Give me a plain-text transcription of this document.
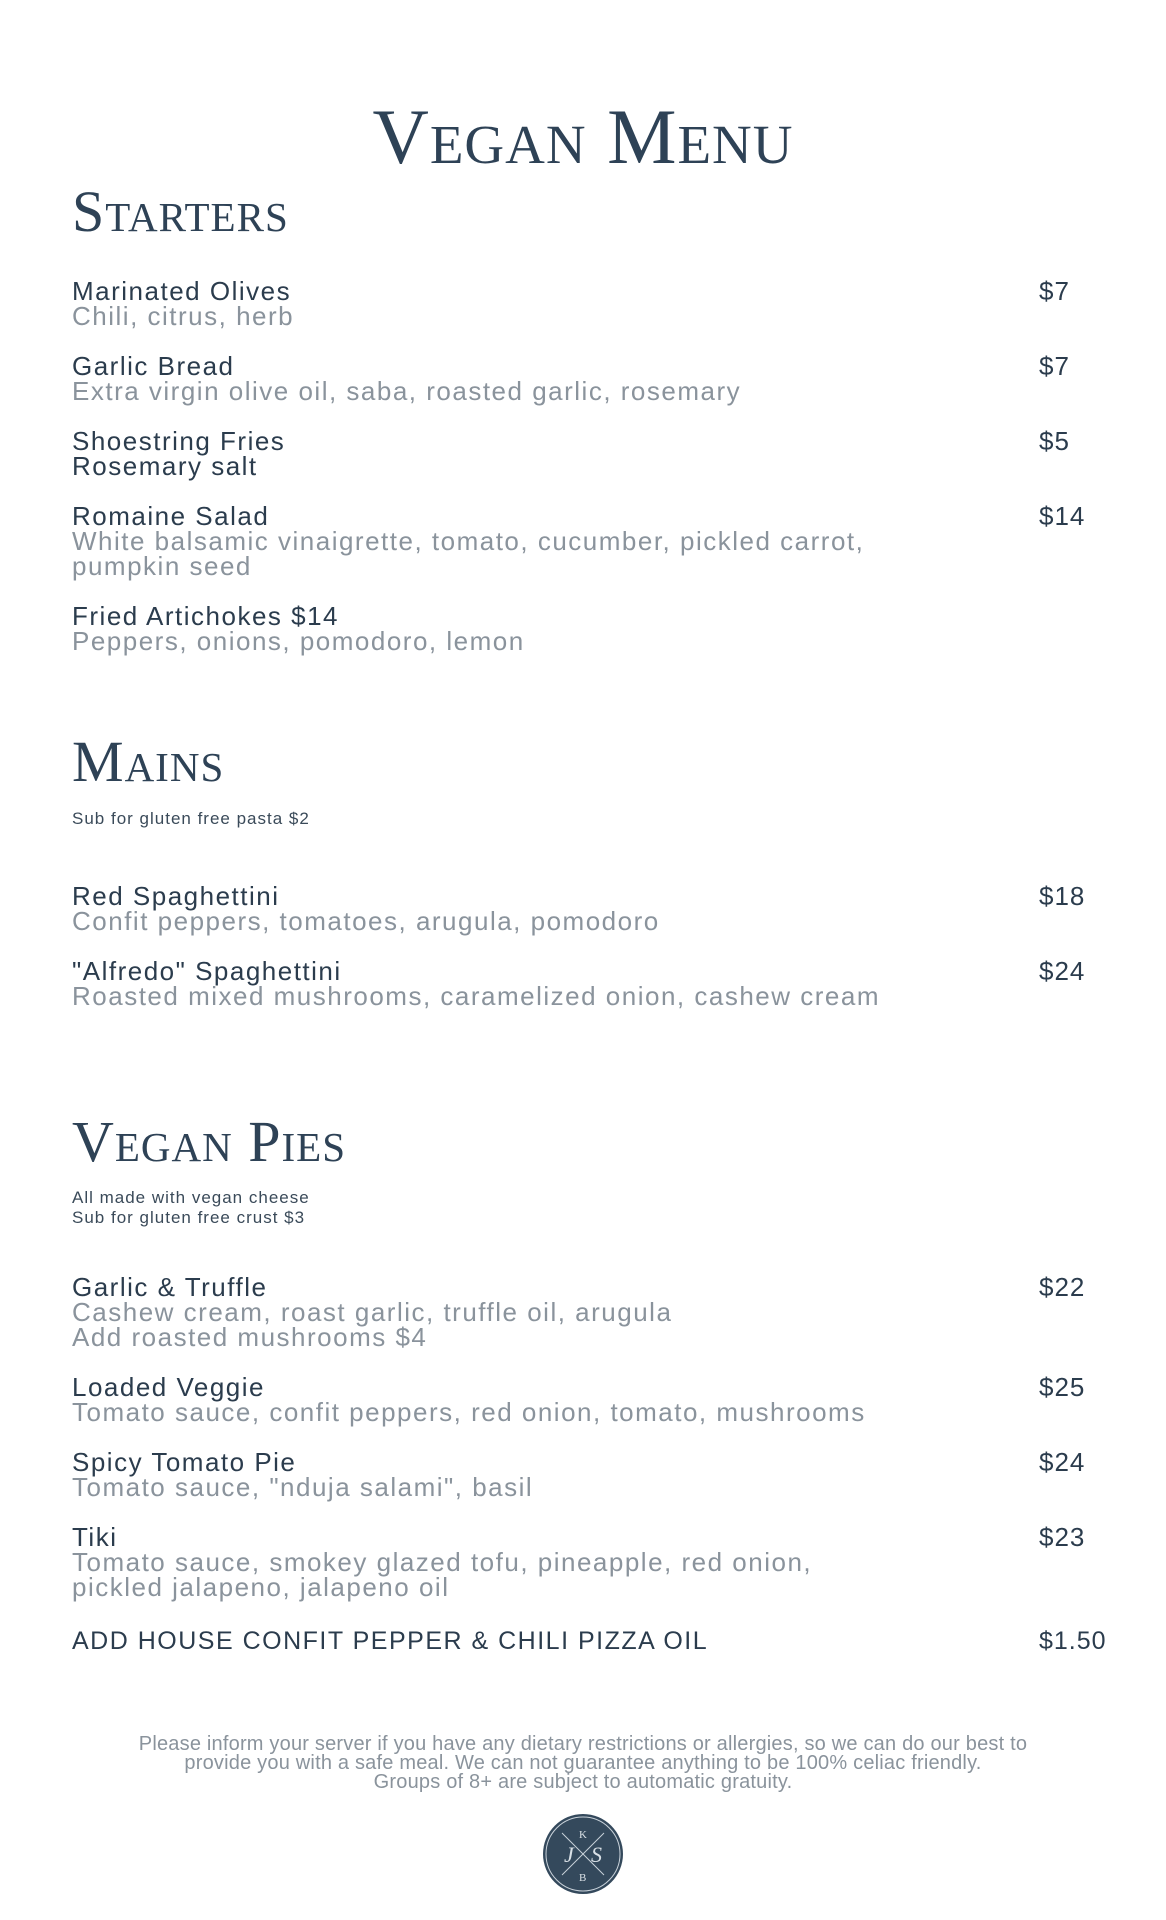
Vegan Menu
Starters
Marinated Olives
Chili, citrus, herb
$7
Garlic Bread
Extra virgin olive oil, saba, roasted garlic, rosemary
$7
Shoestring Fries
Rosemary salt
$5
Romaine Salad
White balsamic vinaigrette, tomato, cucumber, pickled carrot,
pumpkin seed
$14
Fried Artichokes $14
Peppers, onions, pomodoro, lemon
Mains
Sub for gluten free pasta $2
Red Spaghettini
Confit peppers, tomatoes, arugula, pomodoro
$18
"Alfredo" Spaghettini
Roasted mixed mushrooms, caramelized onion, cashew cream
$24
Vegan Pies
All made with vegan cheese
Sub for gluten free crust $3
Garlic & Truffle
Cashew cream, roast garlic, truffle oil, arugula
Add roasted mushrooms $4
$22
Loaded Veggie
Tomato sauce, confit peppers, red onion, tomato, mushrooms
$25
Spicy Tomato Pie
Tomato sauce, "nduja salami", basil
$24
Tiki
Tomato sauce, smokey glazed tofu, pineapple, red onion,
pickled jalapeno, jalapeno oil
$23
ADD HOUSE CONFIT PEPPER & CHILI PIZZA OIL	$1.50
Please inform your server if you have any dietary restrictions or allergies, so we can do our best to
provide you with a safe meal. We can not guarantee anything to be 100% celiac friendly.
Groups of 8+ are subject to automatic gratuity.
J
K
S
B
